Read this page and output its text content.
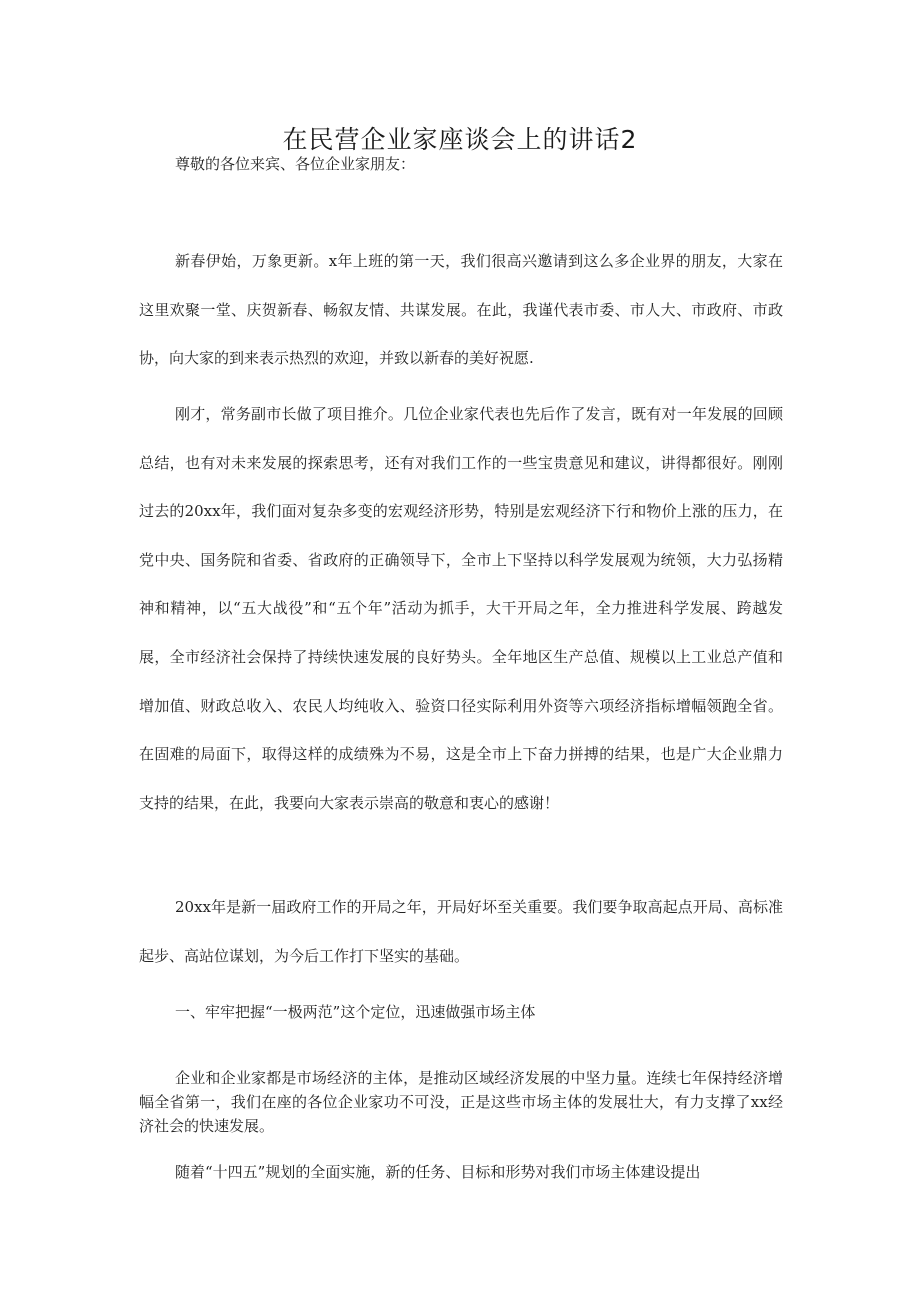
在民营企业家座谈会上的讲话2

尊敬的各位来宾、各位企业家朋友：

新春伊始，万象更新。x年上班的第一天，我们很高兴邀请到这么多企业界的朋友，大家在这里欢聚一堂、庆贺新春、畅叙友情、共谋发展。在此，我谨代表市委、市人大、市政府、市政协，向大家的到来表示热烈的欢迎，并致以新春的美好祝愿.

刚才，常务副市长做了项目推介。几位企业家代表也先后作了发言，既有对一年发展的回顾总结，也有对未来发展的探索思考，还有对我们工作的一些宝贵意见和建议，讲得都很好。刚刚过去的20xx年，我们面对复杂多变的宏观经济形势，特别是宏观经济下行和物价上涨的压力，在党中央、国务院和省委、省政府的正确领导下，全市上下坚持以科学发展观为统领，大力弘扬精神和精神，以“五大战役”和“五个年”活动为抓手，大干开局之年，全力推进科学发展、跨越发展，全市经济社会保持了持续快速发展的良好势头。全年地区生产总值、规模以上工业总产值和增加值、财政总收入、农民人均纯收入、验资口径实际利用外资等六项经济指标增幅领跑全省。在固难的局面下，取得这样的成绩殊为不易，这是全市上下奋力拼搏的结果，也是广大企业鼎力支持的结果，在此，我要向大家表示崇高的敬意和衷心的感谢！

20xx年是新一届政府工作的开局之年，开局好坏至关重要。我们要争取高起点开局、高标准起步、高站位谋划，为今后工作打下坚实的基础。

一、牢牢把握“一极两范”这个定位，迅速做强市场主体

企业和企业家都是市场经济的主体，是推动区域经济发展的中坚力量。连续七年保持经济增幅全省第一，我们在座的各位企业家功不可没，正是这些市场主体的发展壮大，有力支撑了xx经济社会的快速发展。

随着“十四五”规划的全面实施，新的任务、目标和形势对我们市场主体建设提出
